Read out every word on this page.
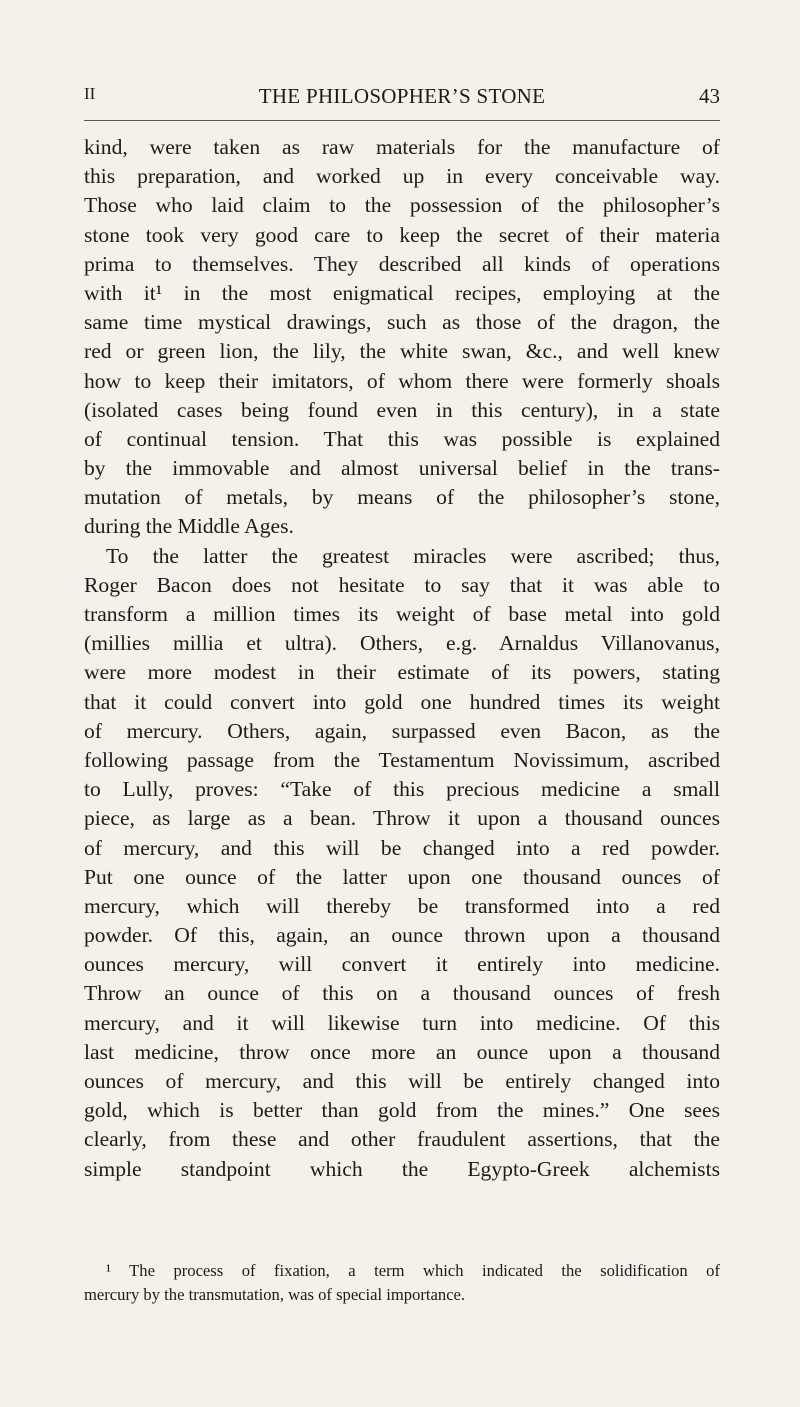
II	THE PHILOSOPHER’S STONE	43
kind, were taken as raw materials for the manufacture of
this preparation, and worked up in every conceivable way.
Those who laid claim to the possession of the philosopher’s
stone took very good care to keep the secret of their materia
prima to themselves. They described all kinds of operations
with it¹ in the most enigmatical recipes, employing at the
same time mystical drawings, such as those of the dragon, the
red or green lion, the lily, the white swan, &c., and well knew
how to keep their imitators, of whom there were formerly shoals
(isolated cases being found even in this century), in a state
of continual tension. That this was possible is explained
by the immovable and almost universal belief in the trans-
mutation of metals, by means of the philosopher’s stone,
during the Middle Ages.
To the latter the greatest miracles were ascribed; thus,
Roger Bacon does not hesitate to say that it was able to
transform a million times its weight of base metal into gold
(millies millia et ultra). Others, e.g. Arnaldus Villanovanus,
were more modest in their estimate of its powers, stating
that it could convert into gold one hundred times its weight
of mercury. Others, again, surpassed even Bacon, as the
following passage from the Testamentum Novissimum, ascribed
to Lully, proves: “Take of this precious medicine a small
piece, as large as a bean. Throw it upon a thousand ounces
of mercury, and this will be changed into a red powder.
Put one ounce of the latter upon one thousand ounces of
mercury, which will thereby be transformed into a red
powder. Of this, again, an ounce thrown upon a thousand
ounces mercury, will convert it entirely into medicine.
Throw an ounce of this on a thousand ounces of fresh
mercury, and it will likewise turn into medicine. Of this
last medicine, throw once more an ounce upon a thousand
ounces of mercury, and this will be entirely changed into
gold, which is better than gold from the mines.” One sees
clearly, from these and other fraudulent assertions, that the
simple standpoint which the Egypto-Greek alchemists
¹ The process of fixation, a term which indicated the solidification of
mercury by the transmutation, was of special importance.
